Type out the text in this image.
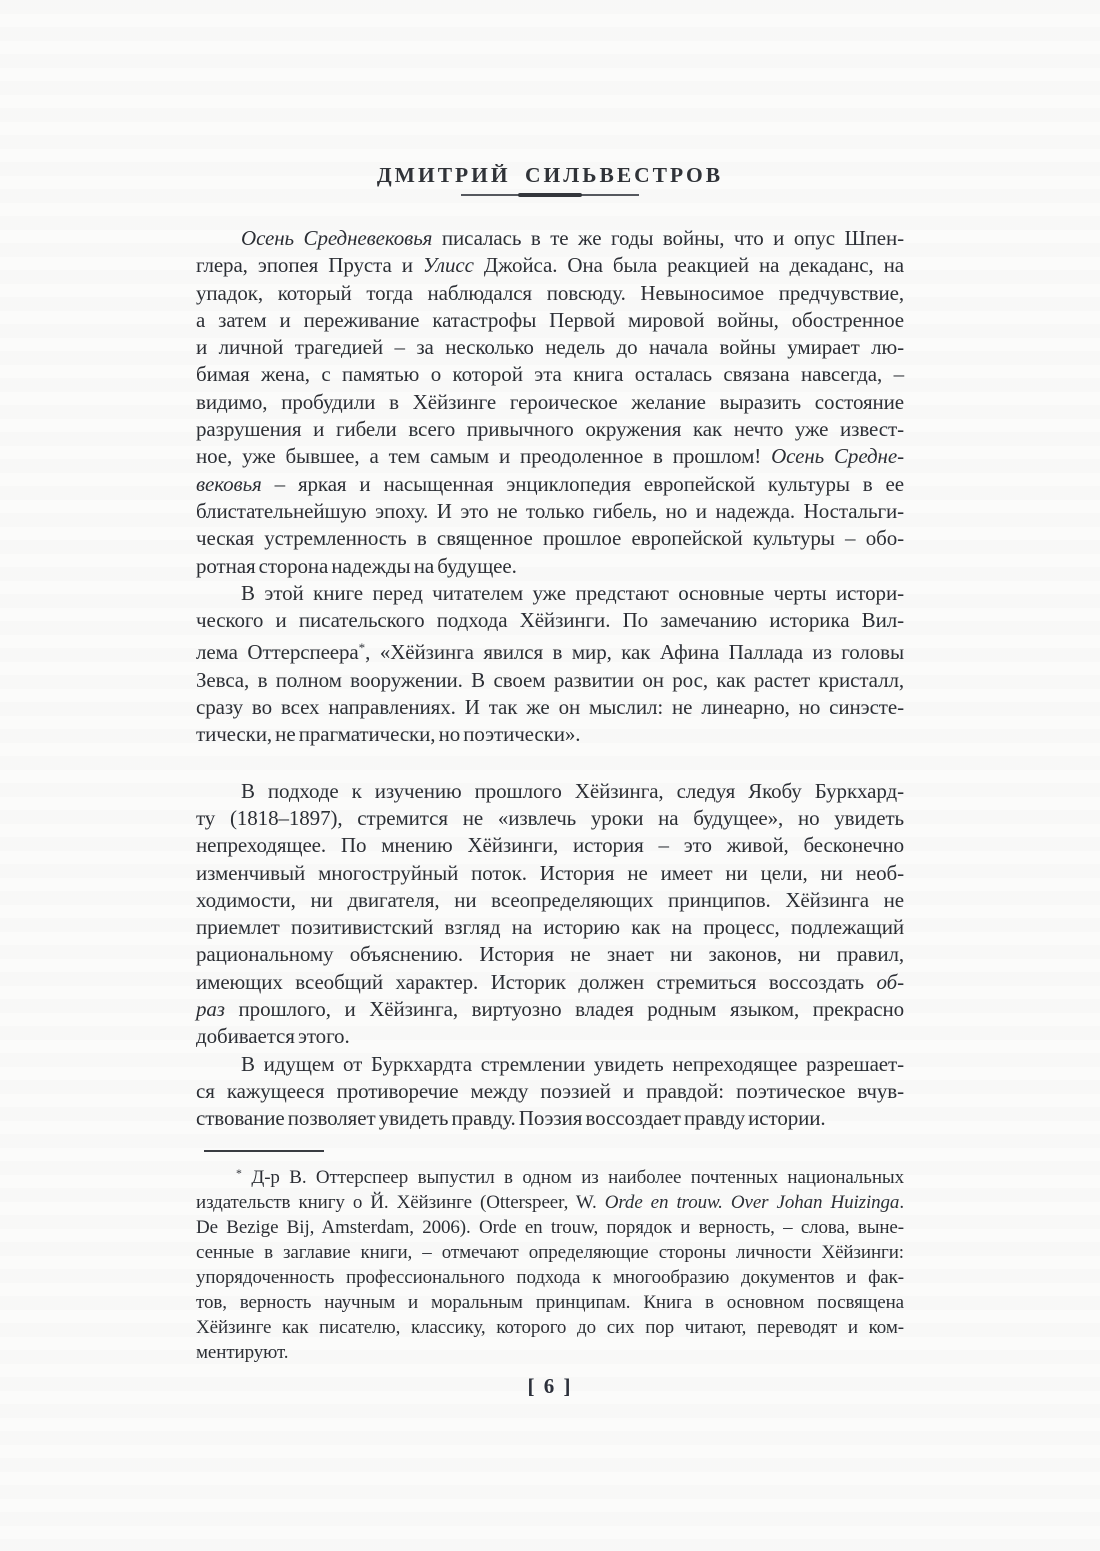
ДМИТРИЙ СИЛЬВЕСТРОВ
Осень Средневековья писалась в те же годы войны, что и опус Шпен-
глера, эпопея Пруста и Улисс Джойса. Она была реакцией на декаданс, на
упадок, который тогда наблюдался повсюду. Невыносимое предчувствие,
а затем и переживание катастрофы Первой мировой войны, обостренное
и личной трагедией – за несколько недель до начала войны умирает лю-
бимая жена, с памятью о которой эта книга осталась связана навсегда, –
видимо, пробудили в Хёйзинге героическое желание выразить состояние
разрушения и гибели всего привычного окружения как нечто уже извест-
ное, уже бывшее, а тем самым и преодоленное в прошлом! Осень Средне-
вековья – яркая и насыщенная энциклопедия европейской культуры в ее
блистательнейшую эпоху. И это не только гибель, но и надежда. Ностальги-
ческая устремленность в священное прошлое европейской культуры – обо-
ротная сторона надежды на будущее.
В этой книге перед читателем уже предстают основные черты истори-
ческого и писательского подхода Хёйзинги. По замечанию историка Вил-
лема Оттерспеера*, «Хёйзинга явился в мир, как Афина Паллада из головы
Зевса, в полном вооружении. В своем развитии он рос, как растет кристалл,
сразу во всех направлениях. И так же он мыслил: не линеарно, но синэсте-
тически, не прагматически, но поэтически».
В подходе к изучению прошлого Хёйзинга, следуя Якобу Буркхард-
ту (1818–1897), стремится не «извлечь уроки на будущее», но увидеть
непреходящее. По мнению Хёйзинги, история – это живой, бесконечно
изменчивый многоструйный поток. История не имеет ни цели, ни необ-
ходимости, ни двигателя, ни всеопределяющих принципов. Хёйзинга не
приемлет позитивистский взгляд на историю как на процесс, подлежащий
рациональному объяснению. История не знает ни законов, ни правил,
имеющих всеобщий характер. Историк должен стремиться воссоздать об-
раз прошлого, и Хёйзинга, виртуозно владея родным языком, прекрасно
добивается этого.
В идущем от Буркхардта стремлении увидеть непреходящее разрешает-
ся кажущееся противоречие между поэзией и правдой: поэтическое вчув-
ствование позволяет увидеть правду. Поэзия воссоздает правду истории.
* Д-р В. Оттерспеер выпустил в одном из наиболее почтенных национальных
издательств книгу о Й. Хёйзинге (Otterspeer, W. Orde en trouw. Over Johan Huizinga.
De Bezige Bij, Amsterdam, 2006). Orde en trouw, порядок и верность, – слова, выне-
сенные в заглавие книги, – отмечают определяющие стороны личности Хёйзинги:
упорядоченность профессионального подхода к многообразию документов и фак-
тов, верность научным и моральным принципам. Книга в основном посвящена
Хёйзинге как писателю, классику, которого до сих пор читают, переводят и ком-
ментируют.
[ 6 ]
